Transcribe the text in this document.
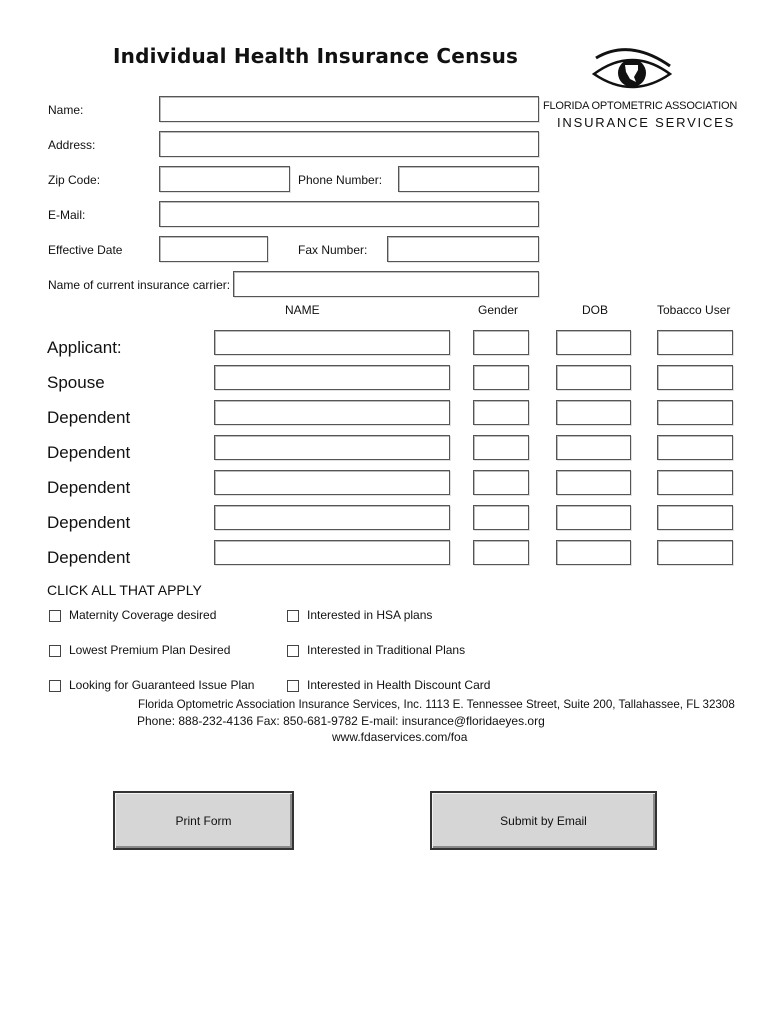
Individual Health Insurance Census
FLORIDA OPTOMETRIC ASSOCIATION
INSURANCE SERVICES
Name:
Address:
Zip Code:	Phone Number:
E-Mail:
Effective Date	Fax Number:
Name of current insurance carrier:
NAME	Gender	DOB	Tobacco User
Applicant:
Spouse
Dependent
Dependent
Dependent
Dependent
Dependent
CLICK ALL THAT APPLY
Maternity Coverage desired	Interested in HSA plans
Lowest Premium Plan Desired	Interested in Traditional Plans
Looking for Guaranteed Issue Plan	Interested in Health Discount Card
Florida Optometric Association Insurance Services, Inc. 1113 E. Tennessee Street, Suite 200, Tallahassee, FL 32308
Phone: 888-232-4136 Fax: 850-681-9782 E-mail: insurance@floridaeyes.org
www.fdaservices.com/foa
Print Form	Submit by Email
